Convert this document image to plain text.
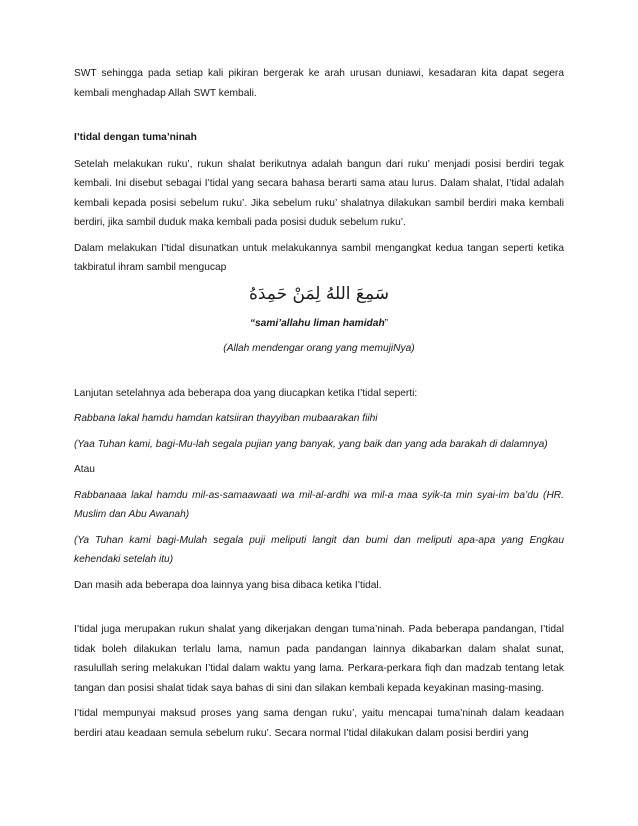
SWT sehingga pada setiap kali pikiran bergerak ke arah urusan duniawi, kesadaran kita dapat segera kembali menghadap Allah SWT kembali.

I’tidal dengan tuma’ninah

Setelah melakukan ruku’, rukun shalat berikutnya adalah bangun dari ruku’ menjadi posisi berdiri tegak kembali. Ini disebut sebagai I’tidal yang secara bahasa berarti sama atau lurus. Dalam shalat, I’tidal adalah kembali kepada posisi sebelum ruku’. Jika sebelum ruku’ shalatnya dilakukan sambil berdiri maka kembali berdiri, jika sambil duduk maka kembali pada posisi duduk sebelum ruku’.

Dalam melakukan I’tidal disunatkan untuk melakukannya sambil mengangkat kedua tangan seperti ketika takbiratul ihram sambil mengucap

سَمِعَ اللهُ لِمَنْ حَمِدَهُ

“sami’allahu liman hamidah”

(Allah mendengar orang yang memujiNya)

Lanjutan setelahnya ada beberapa doa yang diucapkan ketika I’tidal seperti:

Rabbana lakal hamdu hamdan katsiiran thayyiban mubaarakan fiihi

(Yaa Tuhan kami, bagi-Mu-lah segala pujian yang banyak, yang baik dan yang ada barakah di dalamnya)

Atau

Rabbanaaa lakal hamdu mil-as-samaawaati wa mil-al-ardhi wa mil-a maa syik-ta min syai-im ba’du (HR. Muslim dan Abu Awanah)

(Ya Tuhan kami bagi-Mulah segala puji meliputi langit dan bumi dan meliputi apa-apa yang Engkau kehendaki setelah itu)

Dan masih ada beberapa doa lainnya yang bisa dibaca ketika I’tidal.

I’tidal juga merupakan rukun shalat yang dikerjakan dengan tuma’ninah. Pada beberapa pandangan, I’tidal tidak boleh dilakukan terlalu lama, namun pada pandangan lainnya dikabarkan dalam shalat sunat, rasulullah sering melakukan I’tidal dalam waktu yang lama. Perkara-perkara fiqh dan madzab tentang letak tangan dan posisi shalat tidak saya bahas di sini dan silakan kembali kepada keyakinan masing-masing.

I’tidal mempunyai maksud proses yang sama dengan ruku’, yaitu mencapai tuma’ninah dalam keadaan berdiri atau keadaan semula sebelum ruku’. Secara normal I’tidal dilakukan dalam posisi berdiri yang
